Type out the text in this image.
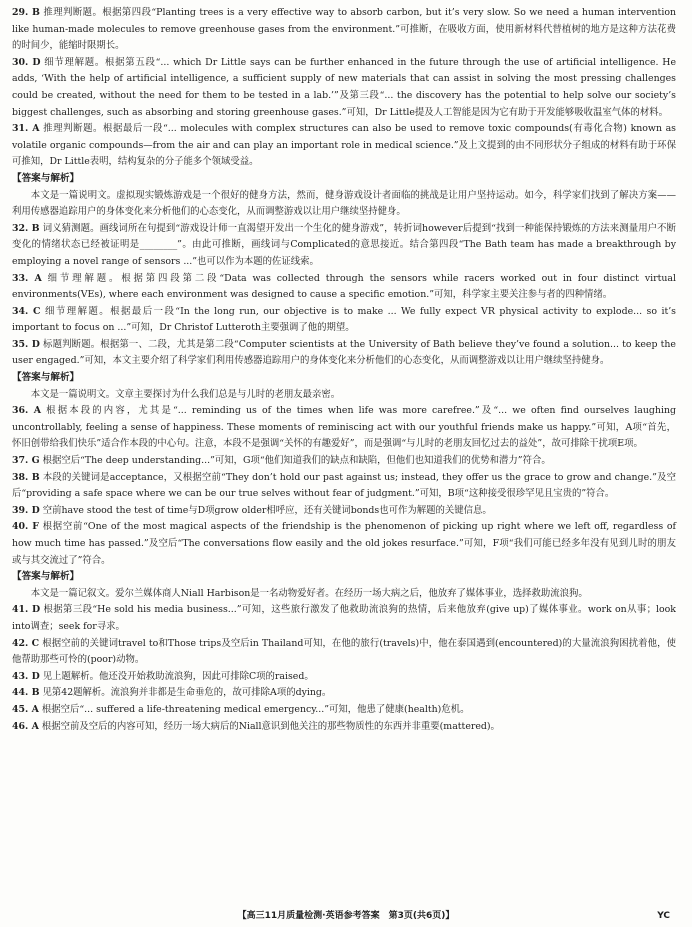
29. B 推理判断题。根据第四段“Planting trees is a very effective way to absorb carbon, but it’s very slow. So we need a human intervention like human-made molecules to remove greenhouse gases from the environment.”可推断，在吸收方面，使用新材料代替植树的地方是这种方法花费的时间少，能缩时限期长。

30. D 细节理解题。根据第五段“... which Dr Little says can be further enhanced in the future through the use of artificial intelligence. He adds, ‘With the help of artificial intelligence, a sufficient supply of new materials that can assist in solving the most pressing challenges could be created, without the need for them to be tested in a lab.’”及第三段“... the discovery has the potential to help solve our society’s biggest challenges, such as absorbing and storing greenhouse gases.”可知，Dr Little提及人工智能是因为它有助于开发能够吸收温室气体的材料。

31. A 推理判断题。根据最后一段“... molecules with complex structures can also be used to remove toxic compounds(有毒化合物) known as volatile organic compounds—from the air and can play an important role in medical science.”及上文提到的由不同形状分子组成的材料有助于环保可推知，Dr Little表明，结构复杂的分子能多个领域受益。

【答案与解析】

本文是一篇说明文。虚拟现实锻炼游戏是一个很好的健身方法，然而，健身游戏设计者面临的挑战是让用户坚持运动。如今，科学家们找到了解决方案——利用传感器追踪用户的身体变化来分析他们的心态变化，从而调整游戏以让用户继续坚持健身。

32. B 词义猜测题。画线词所在句提到“游戏设计师一直渴望开发出一个生化的健身游戏”，转折词however后提到“找到一种能保持锻炼的方法来测量用户不断变化的情绪状态已经被证明是________”。由此可推断，画线词与Complicated的意思接近。结合第四段“The Bath team has made a breakthrough by employing a novel range of sensors ...”也可以作为本题的佐证线索。

33. A 细节理解题。根据第四段第二段“Data was collected through the sensors while racers worked out in four distinct virtual environments(VEs), where each environment was designed to cause a specific emotion.”可知，科学家主要关注参与者的四种情绪。

34. C 细节理解题。根据最后一段“In the long run, our objective is to make ... We fully expect VR physical activity to explode... so it’s important to focus on ...”可知，Dr Christof Lutteroth主要强调了他的期望。

35. D 标题判断题。根据第一、二段，尤其是第二段“Computer scientists at the University of Bath believe they’ve found a solution... to keep the user engaged.”可知，本文主要介绍了科学家们利用传感器追踪用户的身体变化来分析他们的心态变化，从而调整游戏以让用户继续坚持健身。

【答案与解析】

本文是一篇说明文。文章主要探讨为什么我们总是与儿时的老朋友最亲密。

36. A 根据本段的内容，尤其是“... reminding us of the times when life was more carefree.”及“... we often find ourselves laughing uncontrollably, feeling a sense of happiness. These moments of reminiscing act with our youthful friends make us happy.”可知，A项“首先，怀旧创带给我们快乐”适合作本段的中心句。注意，本段不是强调“关怀的有趣爱好”，而是强调“与儿时的老朋友回忆过去的益处”，故可排除干扰项E项。

37. G 根据空后“The deep understanding...”可知，G项“他们知道我们的缺点和缺陷，但他们也知道我们的优势和潜力”符合。

38. B 本段的关键词是acceptance，又根据空前“They don’t hold our past against us; instead, they offer us the grace to grow and change.”及空后“providing a safe space where we can be our true selves without fear of judgment.”可知，B项“这种接受很珍罕见且宝贵的”符合。

39. D 空前have stood the test of time与D项grow older相呼应，还有关键词bonds也可作为解题的关键信息。

40. F 根据空前“One of the most magical aspects of the friendship is the phenomenon of picking up right where we left off, regardless of how much time has passed.”及空后“The conversations flow easily and the old jokes resurface.”可知，F项“我们可能已经多年没有见到儿时的朋友或与其交流过了”符合。

【答案与解析】

本文是一篇记叙文。爱尔兰媒体商人Niall Harbison是一名动物爱好者。在经历一场大病之后，他放弃了媒体事业，选择救助流浪狗。

41. D 根据第三段“He sold his media business...”可知，这些旅行激发了他救助流浪狗的热情，后来他放弃(give up)了媒体事业。work on从事；look into调查；seek for寻求。

42. C 根据空前的关键词travel to和Those trips及空后in Thailand可知，在他的旅行(travels)中，他在泰国遇到(encountered)的大量流浪狗困扰着他，使他帮助那些可怜的(poor)动物。

43. D 见上题解析。他还没开始救助流浪狗，因此可排除C项的raised。

44. B 见第42题解析。流浪狗并非都是生命垂危的，故可排除A项的dying。

45. A 根据空后“... suffered a life-threatening medical emergency...”可知，他患了健康(health)危机。

46. A 根据空前及空后的内容可知，经历一场大病后的Niall意识到他关注的那些物质性的东西并非重要(mattered)。

【高三11月质量检测·英语参考答案　第3页(共6页)】	YC
